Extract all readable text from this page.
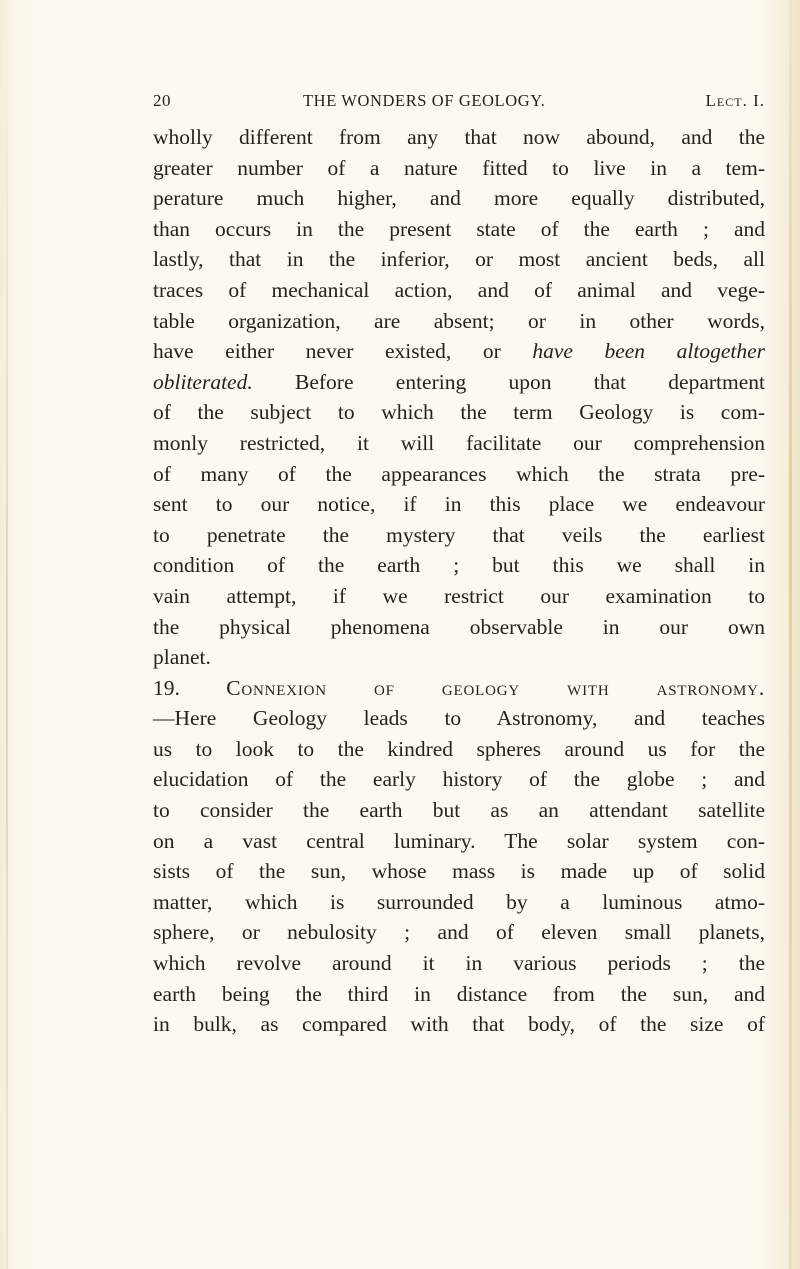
20	THE WONDERS OF GEOLOGY.	Lect. I.
wholly different from any that now abound, and the
greater number of a nature fitted to live in a tem-
perature much higher, and more equally distributed,
than occurs in the present state of the earth ; and
lastly, that in the inferior, or most ancient beds, all
traces of mechanical action, and of animal and vege-
table organization, are absent; or in other words,
have either never existed, or have been altogether
obliterated. Before entering upon that department
of the subject to which the term Geology is com-
monly restricted, it will facilitate our comprehension
of many of the appearances which the strata pre-
sent to our notice, if in this place we endeavour
to penetrate the mystery that veils the earliest
condition of the earth ; but this we shall in
vain attempt, if we restrict our examination to
the physical phenomena observable in our own
planet.
19. Connexion of geology with astronomy.
—Here Geology leads to Astronomy, and teaches
us to look to the kindred spheres around us for the
elucidation of the early history of the globe ; and
to consider the earth but as an attendant satellite
on a vast central luminary. The solar system con-
sists of the sun, whose mass is made up of solid
matter, which is surrounded by a luminous atmo-
sphere, or nebulosity ; and of eleven small planets,
which revolve around it in various periods ; the
earth being the third in distance from the sun, and
in bulk, as compared with that body, of the size of
